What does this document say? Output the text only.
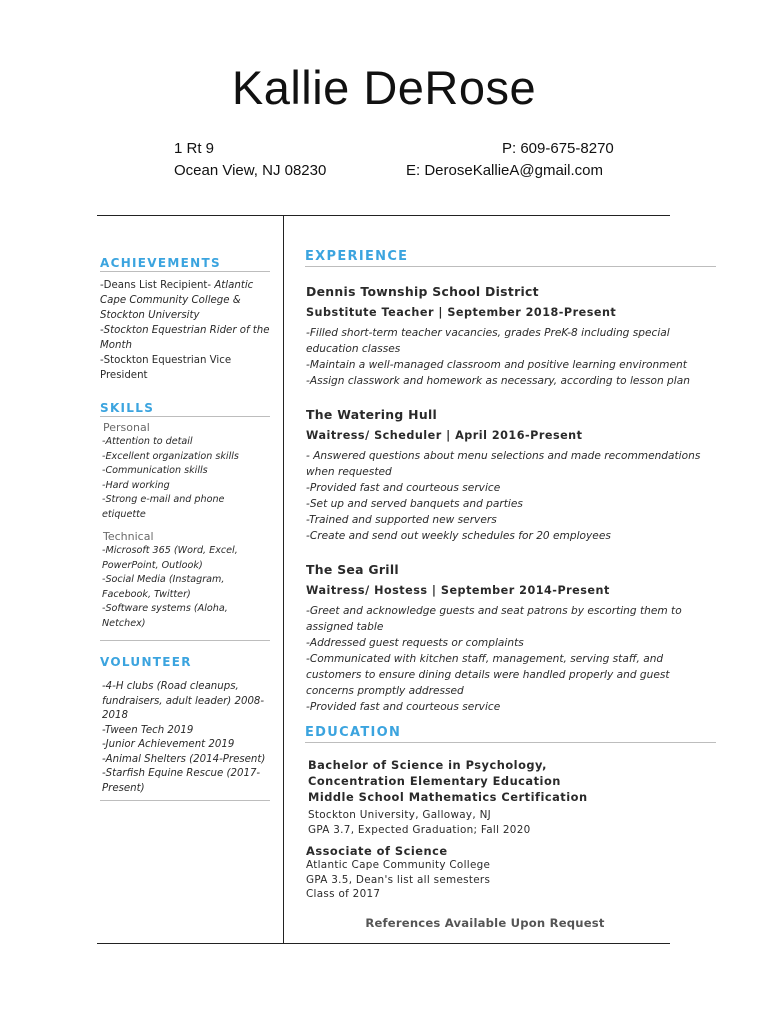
Kallie DeRose
1 Rt 9
Ocean View, NJ 08230
P: 609-675-8270
E: DeroseKallieA@gmail.com
ACHIEVEMENTS
-Deans List Recipient- Atlantic Cape Community College & Stockton University
-Stockton Equestrian Rider of the Month
-Stockton Equestrian Vice President
SKILLS
Personal
-Attention to detail
-Excellent organization skills
-Communication skills
-Hard working
-Strong e-mail and phone etiquette
Technical
-Microsoft 365 (Word, Excel, PowerPoint, Outlook)
-Social Media (Instagram, Facebook, Twitter)
-Software systems (Aloha, Netchex)
VOLUNTEER
-4-H clubs (Road cleanups, fundraisers, adult leader) 2008-2018
-Tween Tech 2019
-Junior Achievement 2019
-Animal Shelters (2014-Present)
-Starfish Equine Rescue (2017-Present)
EXPERIENCE
Dennis Township School District
Substitute Teacher | September 2018-Present
-Filled short-term teacher vacancies, grades PreK-8 including special education classes
-Maintain a well-managed classroom and positive learning environment
-Assign classwork and homework as necessary, according to lesson plan
The Watering Hull
Waitress/ Scheduler | April 2016-Present
- Answered questions about menu selections and made recommendations when requested
-Provided fast and courteous service
-Set up and served banquets and parties
-Trained and supported new servers
-Create and send out weekly schedules for 20 employees
The Sea Grill
Waitress/ Hostess | September 2014-Present
-Greet and acknowledge guests and seat patrons by escorting them to assigned table
-Addressed guest requests or complaints
-Communicated with kitchen staff, management, serving staff, and customers to ensure dining details were handled properly and guest concerns promptly addressed
-Provided fast and courteous service
EDUCATION
Bachelor of Science in Psychology,
Concentration Elementary Education
Middle School Mathematics Certification
Stockton University, Galloway, NJ
GPA 3.7, Expected Graduation; Fall 2020
Associate of Science
Atlantic Cape Community College
GPA 3.5, Dean's list all semesters
Class of 2017
References Available Upon Request
